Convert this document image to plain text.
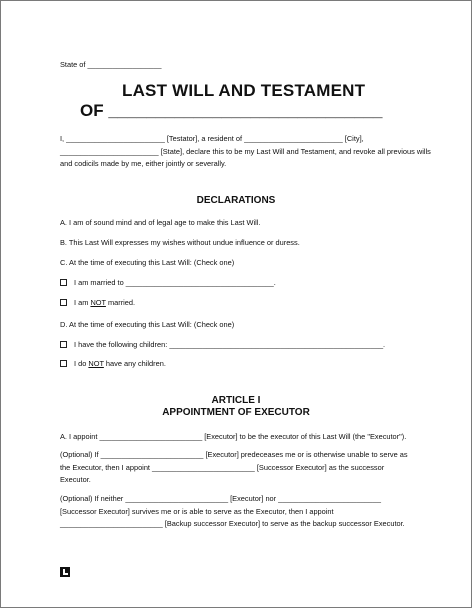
State of __________________
LAST WILL AND TESTAMENT
OF _____________________________
I, ________________________ [Testator], a resident of ________________________ [City],
________________________ [State], declare this to be my Last Will and Testament, and revoke all previous wills
and codicils made by me, either jointly or severally.
DECLARATIONS
A. I am of sound mind and of legal age to make this Last Will.
B. This Last Will expresses my wishes without undue influence or duress.
C. At the time of executing this Last Will: (Check one)
I am married to ____________________________________.
I am NOT married.
D. At the time of executing this Last Will: (Check one)
I have the following children: ____________________________________________________.
I do NOT have any children.
ARTICLE I
APPOINTMENT OF EXECUTOR
A. I appoint _________________________ [Executor] to be the executor of this Last Will (the "Executor").
(Optional) If _________________________ [Executor] predeceases me or is otherwise unable to serve as
the Executor, then I appoint _________________________ [Successor Executor] as the successor
Executor.
(Optional) If neither _________________________ [Executor] nor _________________________
[Successor Executor] survives me or is able to serve as the Executor, then I appoint
_________________________ [Backup successor Executor] to serve as the backup successor Executor.
